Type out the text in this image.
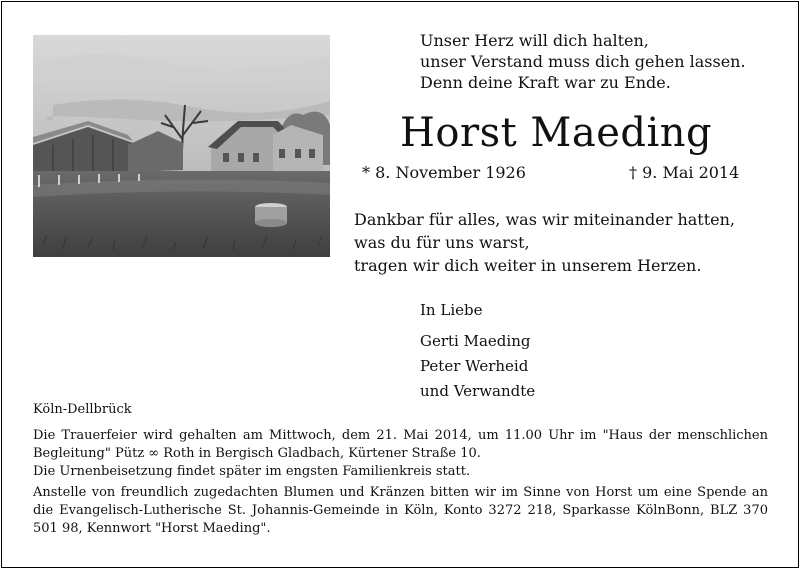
Unser Herz will dich halten,
unser Verstand muss dich gehen lassen.
Denn deine Kraft war zu Ende.
Horst Maeding
* 8. November 1926	† 9. Mai 2014
Dankbar für alles, was wir miteinander hatten,
was du für uns warst,
tragen wir dich weiter in unserem Herzen.
In Liebe
Gerti Maeding
Peter Werheid
und Verwandte
Köln-Dellbrück
Die Trauerfeier wird gehalten am Mittwoch, dem 21. Mai 2014, um 11.00 Uhr im "Haus der menschlichen Begleitung" Pütz ∞ Roth in Bergisch Gladbach, Kürtener Straße 10.
Die Urnenbeisetzung findet später im engsten Familienkreis statt.
Anstelle von freundlich zugedachten Blumen und Kränzen bitten wir im Sinne von Horst um eine Spende an die Evangelisch-Lutherische St. Johannis-Gemeinde in Köln, Konto 3272 218, Sparkasse KölnBonn, BLZ 370 501 98, Kennwort "Horst Maeding".
